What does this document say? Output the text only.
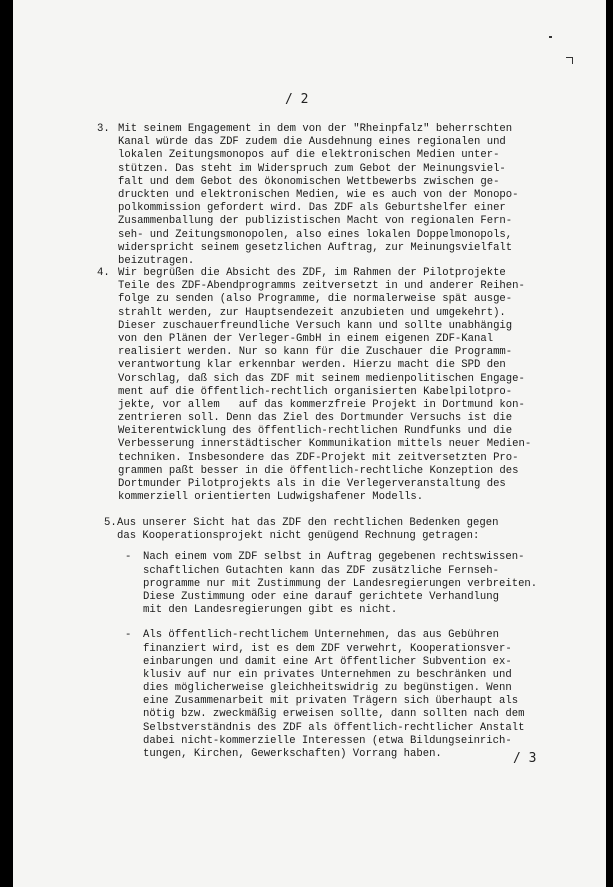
/ 2
3. Mit seinem Engagement in dem von der "Rheinpfalz" beherrschten
Kanal würde das ZDF zudem die Ausdehnung eines regionalen und
lokalen Zeitungsmonopos auf die elektronischen Medien unter-
stützen. Das steht im Widerspruch zum Gebot der Meinungsviel-
falt und dem Gebot des ökonomischen Wettbewerbs zwischen ge-
druckten und elektronischen Medien, wie es auch von der Monopo-
polkommission gefordert wird. Das ZDF als Geburtshelfer einer
Zusammenballung der publizistischen Macht von regionalen Fern-
seh- und Zeitungsmonopolen, also eines lokalen Doppelmonopols,
widerspricht seinem gesetzlichen Auftrag, zur Meinungsvielfalt
beizutragen.
4. Wir begrüßen die Absicht des ZDF, im Rahmen der Pilotprojekte
Teile des ZDF-Abendprogramms zeitversetzt in und anderer Reihen-
folge zu senden (also Programme, die normalerweise spät ausge-
strahlt werden, zur Hauptsendezeit anzubieten und umgekehrt).
Dieser zuschauerfreundliche Versuch kann und sollte unabhängig
von den Plänen der Verleger-GmbH in einem eigenen ZDF-Kanal
realisiert werden. Nur so kann für die Zuschauer die Programm-
verantwortung klar erkennbar werden. Hierzu macht die SPD den
Vorschlag, daß sich das ZDF mit seinem medienpolitischen Engage-
ment auf die öffentlich-rechtlich organisierten Kabelpilotpro-
jekte, vor allem   auf das kommerzfreie Projekt in Dortmund kon-
zentrieren soll. Denn das Ziel des Dortmunder Versuchs ist die
Weiterentwicklung des öffentlich-rechtlichen Rundfunks und die
Verbesserung innerstädtischer Kommunikation mittels neuer Medien-
techniken. Insbesondere das ZDF-Projekt mit zeitversetzten Pro-
grammen paßt besser in die öffentlich-rechtliche Konzeption des
Dortmunder Pilotprojekts als in die Verlegerveranstaltung des
kommerziell orientierten Ludwigshafener Modells.
5. Aus unserer Sicht hat das ZDF den rechtlichen Bedenken gegen
das Kooperationsprojekt nicht genügend Rechnung getragen:
- Nach einem vom ZDF selbst in Auftrag gegebenen rechtswissen-
schaftlichen Gutachten kann das ZDF zusätzliche Fernseh-
programme nur mit Zustimmung der Landesregierungen verbreiten.
Diese Zustimmung oder eine darauf gerichtete Verhandlung
mit den Landesregierungen gibt es nicht.
- Als öffentlich-rechtlichem Unternehmen, das aus Gebühren
finanziert wird, ist es dem ZDF verwehrt, Kooperationsver-
einbarungen und damit eine Art öffentlicher Subvention ex-
klusiv auf nur ein privates Unternehmen zu beschränken und
dies möglicherweise gleichheitswidrig zu begünstigen. Wenn
eine Zusammenarbeit mit privaten Trägern sich überhaupt als
nötig bzw. zweckmäßig erweisen sollte, dann sollten nach dem
Selbstverständnis des ZDF als öffentlich-rechtlicher Anstalt
dabei nicht-kommerzielle Interessen (etwa Bildungseinrich-
tungen, Kirchen, Gewerkschaften) Vorrang haben.	/ 3
